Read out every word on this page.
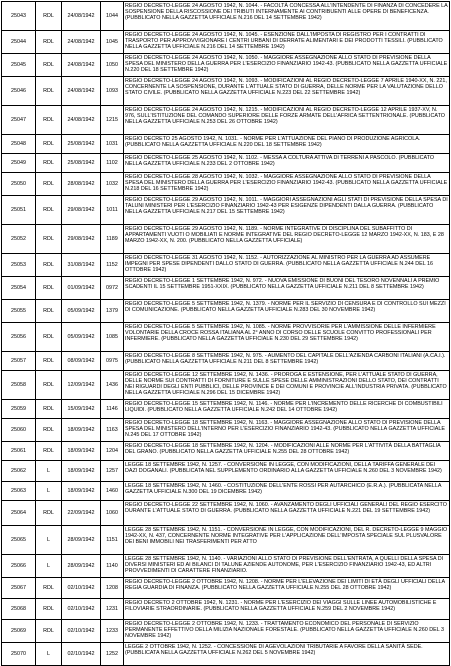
25043	RDL	24/08/1942	1044	REGIO DECRETO-LEGGE 24 AGOSTO 1942, N. 1044. - FACOLTÀ CONCESSA ALL'INTENDENTE DI FINANZA DI CONCEDERE LA SOSPENSIONE DELLA RISCOSSIONE DEI TRIBUTI INTERNAMENTE AI CONTRIBUENTI ALLE OPERE DI BENEFICENZA. (PUBBLICATO NELLA GAZZETTA UFFICIALE N.216 DEL 14 SETTEMBRE 1942)
25044	RDL	24/08/1942	1045	REGIO DECRETO-LEGGE 24 AGOSTO 1942, N. 1045. - ESENZIONE DALL'IMPOSTA DI REGISTRO PER I CONTRATTI DI TRASPORTO PER APPROVVIGIONARE I CENTRI URBANI DI DERRATE ALIMENTARI E DEI PRODOTTI TESSILI. (PUBBLICATO NELLA GAZZETTA UFFICIALE N.216 DEL 14 SETTEMBRE 1942)
25045	RDL	24/08/1942	1050	REGIO DECRETO-LEGGE 24 AGOSTO 1942, N. 1050. - MAGGIORE ASSEGNAZIONE ALLO STATO DI PREVISIONE DELLA SPESA DEL MINISTERO DELLA GUERRA PER L'ESERCIZIO FINANZIARIO 1942-43. (PUBBLICATO NELLA GAZZETTA UFFICIALE N.220 DEL 18 SETTEMBRE 1942)
25046	RDL	24/08/1942	1093	REGIO DECRETO-LEGGE 24 AGOSTO 1942, N. 1093. - MODIFICAZIONI AL REGIO DECRETO-LEGGE 7 APRILE 1940-XX, N. 221, CONCERNENTE LA SOSPENSIONE, DURANTE L'ATTUALE STATO DI GUERRA, DELLE NORME PER LA VALUTAZIONE DELLO STATO CIVILE. (PUBBLICATO NELLA GAZZETTA UFFICIALE N.223 DEL 22 SETTEMBRE 1942)
25047	RDL	24/08/1942	1215	REGIO DECRETO-LEGGE 24 AGOSTO 1942, N. 1215. - MODIFICAZIONI AL REGIO DECRETO-LEGGE 12 APRILE 1937-XV, N. 976, SULL'ISTITUZIONE DEL COMANDO SUPERIORE DELLE FORZE ARMATE DELL'AFRICA SETTENTRIONALE. (PUBBLICATO NELLA GAZZETTA UFFICIALE N.253 DEL 26 OTTOBRE 1942)
25048	RDL	25/08/1942	1031	REGIO DECRETO 25 AGOSTO 1942, N. 1031. - NORME PER L'ATTUAZIONE DEL PIANO DI PRODUZIONE AGRICOLA. (PUBBLICATO NELLA GAZZETTA UFFICIALE N.220 DEL 18 SETTEMBRE 1942)
25049	RDL	25/08/1942	1102	REGIO DECRETO-LEGGE 25 AGOSTO 1942, N. 1102. - MESSA A COLTURA ATTIVA DI TERRENI A PASCOLO. (PUBBLICATO NELLA GAZZETTA UFFICIALE N.233 DEL 2 OTTOBRE 1942)
25050	RDL	28/08/1942	1032	REGIO DECRETO-LEGGE 28 AGOSTO 1942, N. 1032. - MAGGIORE ASSEGNAZIONE ALLO STATO DI PREVISIONE DELLA SPESA DEL MINISTERO DELLA GUERRA PER L'ESERCIZIO FINANZIARIO 1942-43. (PUBBLICATO NELLA GAZZETTA UFFICIALE N.218 DEL 16 SETTEMBRE 1942)
25051	RDL	29/08/1942	1011	REGIO DECRETO-LEGGE 29 AGOSTO 1942, N. 1011. - MAGGIORI ASSEGNAZIONI AGLI STATI DI PREVISIONE DELLA SPESA DI TALUNI MINISTERI PER L'ESERCIZIO FINANZIARIO 1942-43 PER ESIGENZE DIPENDENTI DALLA GUERRA. (PUBBLICATO NELLA GAZZETTA UFFICIALE N.217 DEL 15 SETTEMBRE 1942)
25052	RDL	29/08/1942	1189	REGIO DECRETO-LEGGE 29 AGOSTO 1942, N. 1189. - NORME INTEGRATIVE DI DISCIPLINA DEL SUBAFFITTO DI APPARTAMENTI VUOTI O MOBILIATI E NORME INTEGRATIVE DEL REGIO DECRETO-LEGGE 12 MARZO 1942-XX, N. 183, E 28 MARZO 1942-XX, N. 200. (PUBBLICATO NELLA GAZZETTA UFFICIALE)
25053	RDL	31/08/1942	1152	REGIO DECRETO-LEGGE 31 AGOSTO 1942, N. 1152. - AUTORIZZAZIONE AL MINISTRO PER LA GUERRA AD ASSUMERE IMPEGNI PER SPESE DIPENDENTI DALLO STATO DI GUERRA. (PUBBLICATO NELLA GAZZETTA UFFICIALE N.244 DEL 16 OTTOBRE 1942)
25054	RDL	01/09/1942	0972	REGIO DECRETO-LEGGE 1 SETTEMBRE 1942, N. 972. - NUOVA EMISSIONE DI BUONI DEL TESORO NOVENNALI A PREMIO SCADENTI IL 15 SETTEMBRE 1951-XXIX. (PUBBLICATO NELLA GAZZETTA UFFICIALE N.211 DEL 8 SETTEMBRE 1942)
25055	RDL	05/09/1942	1379	REGIO DECRETO-LEGGE 5 SETTEMBRE 1942, N. 1379. - NORME PER IL SERVIZIO DI CENSURA E DI CONTROLLO SUI MEZZI DI COMUNICAZIONE. (PUBBLICATO NELLA GAZZETTA UFFICIALE N.283 DEL 30 NOVEMBRE 1942)
25056	RDL	05/09/1942	1085	REGIO DECRETO-LEGGE 5 SETTEMBRE 1942, N. 1085. - NORME PROVVISORIE PER L'AMMISSIONE DELLE INFERMIERE VOLONTARIE DELLA CROCE ROSSA ITALIANA AL 2° ANNO DI CORSO DELLE SCUOLE CONVITTO PROFESSIONALI PER INFERMIERE. (PUBBLICATO NELLA GAZZETTA UFFICIALE N.230 DEL 29 SETTEMBRE 1942)
25057	RDL	08/09/1942	0975	REGIO DECRETO-LEGGE 8 SETTEMBRE 1942, N. 975. - AUMENTO DEL CAPITALE DELL'AZIENDA CARBONI ITALIANI (A.CA.I.). (PUBBLICATO NELLA GAZZETTA UFFICIALE N.211 DEL 8 SETTEMBRE 1942)
25058	RDL	12/09/1942	1436	REGIO DECRETO-LEGGE 12 SETTEMBRE 1942, N. 1436. - PROROGA E ESTENSIONE, PER L'ATTUALE STATO DI GUERRA, DELLE NORME SUI CONTRATTI DI FORNITURE E SULLE SPESE DELLE AMMINISTRAZIONI DELLO STATO, DEI CONTRATTI NEI RIGUARDI DEGLI ENTI PUBBLICI, DELLE PROVINCE E DEI COMUNI E PROVINCIE ALL'INDUSTRIA PRIVATA. (PUBBLICATO NELLA GAZZETTA UFFICIALE N.296 DEL 15 DICEMBRE 1942)
25059	RDL	15/09/1942	1146	REGIO DECRETO-LEGGE 15 SETTEMBRE 1942, N. 1146. - NORME PER L'INCREMENTO DELLE RICERCHE DI COMBUSTIBILI LIQUIDI. (PUBBLICATO NELLA GAZZETTA UFFICIALE N.242 DEL 14 OTTOBRE 1942)
25060	RDL	18/09/1942	1163	REGIO DECRETO-LEGGE 18 SETTEMBRE 1942, N. 1163. - MAGGIORE ASSEGNAZIONE ALLO STATO DI PREVISIONE DELLA SPESA DEL MINISTERO DELL'INTERNO PER L'ESERCIZIO FINANZIARIO 1942-43. (PUBBLICATO NELLA GAZZETTA UFFICIALE N.245 DEL 17 OTTOBRE 1942)
25061	RDL	18/09/1942	1204	REGIO DECRETO-LEGGE 18 SETTEMBRE 1942, N. 1204. - MODIFICAZIONI ALLE NORME PER L'ATTIVITÀ DELLA BATTAGLIA DEL GRANO. (PUBBLICATO NELLA GAZZETTA UFFICIALE N.255 DEL 28 OTTOBRE 1942)
25062	L	18/09/1942	1257	LEGGE 18 SETTEMBRE 1942, N. 1257. - CONVERSIONE IN LEGGE, CON MODIFICAZIONI, DELLA TARIFFA GENERALE DEI DAZI DOGANALI. (PUBBLICATA NEL SUPPLEMENTO ORDINARIO ALLA GAZZETTA UFFICIALE N.260 DEL 3 NOVEMBRE 1942)
25063	L	18/09/1942	1460	LEGGE 18 SETTEMBRE 1942, N. 1460. - COSTITUZIONE DELL'ENTE ROSSI PER AUTARCHICO (E.R.A.). (PUBBLICATA NELLA GAZZETTA UFFICIALE N.300 DEL 19 DICEMBRE 1942)
25064	RDL	22/09/1942	1060	REGIO DECRETO-LEGGE 22 SETTEMBRE 1942, N. 1060. - AVANZAMENTO DEGLI UFFICIALI GENERALI DEL REGIO ESERCITO DURANTE L'ATTUALE STATO DI GUERRA. (PUBBLICATO NELLA GAZZETTA UFFICIALE N.221 DEL 19 SETTEMBRE 1942)
25065	L	28/09/1942	1151	LEGGE 28 SETTEMBRE 1942, N. 1151. - CONVERSIONE IN LEGGE, CON MODIFICAZIONI, DEL R. DECRETO-LEGGE 9 MAGGIO 1942-XX, N. 437, CONCERNENTE NORME INTEGRATIVE PER L'APPLICAZIONE DELL'IMPOSTA SPECIALE SUL PLUSVALORE DEI BENI IMMOBILI NEI TRASFERIMENTI PER ATTO
25066	L	28/09/1942	1140	LEGGE 28 SETTEMBRE 1942, N. 1140. - VARIAZIONI ALLO STATO DI PREVISIONE DELL'ENTRATA, A QUELLI DELLA SPESA DI DIVERSI MINISTERI ED AI BILANCI DI TALUNE AZIENDE AUTONOME, PER L'ESERCIZIO FINANZIARIO 1942-43, ED ALTRI PROVVEDIMENTI DI CARATTERE FINANZIARIO.
25067	RDL	02/10/1942	1208	REGIO DECRETO-LEGGE 2 OTTOBRE 1942, N. 1208. - NORME PER L'ELEVAZIONE DEI LIMITI DI ETÀ DEGLI UFFICIALI DELLA REGIA GUARDIA DI FINANZA. (PUBBLICATO NELLA GAZZETTA UFFICIALE N.255 DEL 28 OTTOBRE 1942)
25068	RDL	02/10/1942	1231	REGIO DECRETO 2 OTTOBRE 1942, N. 1231. - NORME PER L'ESERCIZIO DEI VIAGGI SULLE LINEE AUTOMOBILISTICHE E FILOVIARIE STRAORDINARIE. (PUBBLICATO NELLA GAZZETTA UFFICIALE N.259 DEL 2 NOVEMBRE 1942)
25069	RDL	02/10/1942	1233	REGIO DECRETO-LEGGE 2 OTTOBRE 1942, N. 1233. - TRATTAMENTO ECONOMICO DEL PERSONALE DI SERVIZIO PERMANENTE EFFETTIVO DELLA MILIZIA NAZIONALE FORESTALE. (PUBBLICATO NELLA GAZZETTA UFFICIALE N.260 DEL 3 NOVEMBRE 1942)
25070	L	02/10/1942	1252	LEGGE 2 OTTOBRE 1942, N. 1252. - CONCESSIONE DI AGEVOLAZIONI TRIBUTARIE A FAVORE DELLA SANITÀ SEDE. (PUBBLICATA NELLA GAZZETTA UFFICIALE N.262 DEL 5 NOVEMBRE 1942)
